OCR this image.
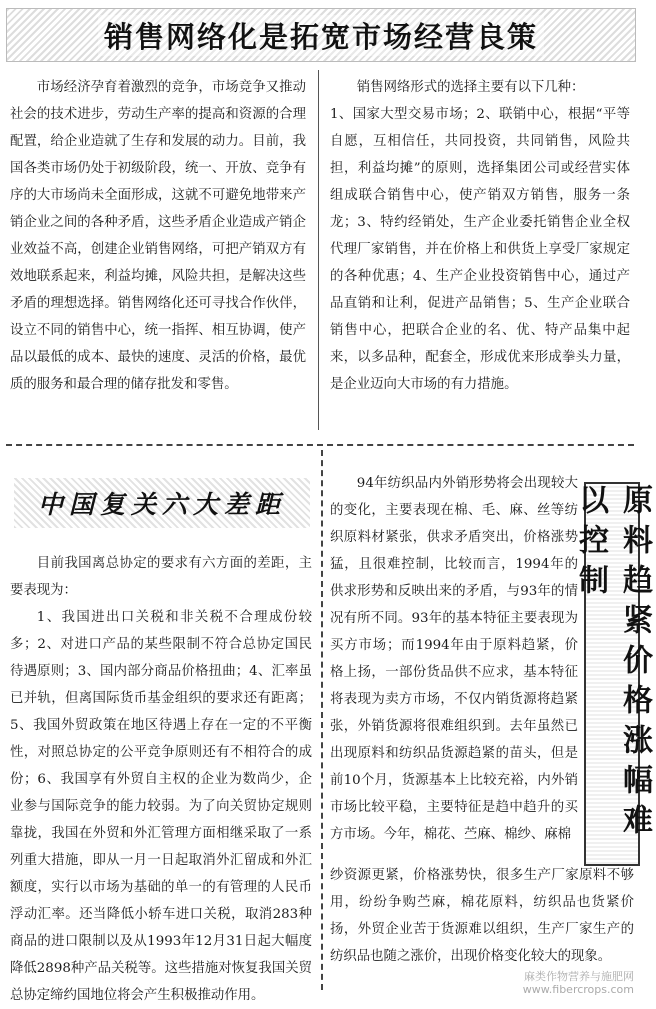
销售网络化是拓宽市场经营良策

市场经济孕育着激烈的竞争，市场竞争又推动社会的技术进步，劳动生产率的提高和资源的合理配置，给企业造就了生存和发展的动力。目前，我国各类市场仍处于初级阶段，统一、开放、竞争有序的大市场尚未全面形成，这就不可避免地带来产销企业之间的各种矛盾，这些矛盾企业造成产销企业效益不高，创建企业销售网络，可把产销双方有效地联系起来，利益均摊，风险共担，是解决这些矛盾的理想选择。销售网络化还可寻找合作伙伴，设立不同的销售中心，统一指挥、相互协调，使产品以最低的成本、最快的速度、灵活的价格，最优质的服务和最合理的储存批发和零售。

销售网络形式的选择主要有以下几种：

1、国家大型交易市场；2、联销中心，根据“平等自愿，互相信任，共同投资，共同销售，风险共担，利益均摊”的原则，选择集团公司或经营实体组成联合销售中心，使产销双方销售，服务一条龙；3、特约经销处，生产企业委托销售企业全权代理厂家销售，并在价格上和供货上享受厂家规定的各种优惠；4、生产企业投资销售中心，通过产品直销和让利，促进产品销售；5、生产企业联合销售中心，把联合企业的名、优、特产品集中起来，以多品种，配套全，形成优来形成拳头力量，是企业迈向大市场的有力措施。

中国复关六大差距

目前我国离总协定的要求有六方面的差距，主要表现为：

1、我国进出口关税和非关税不合理成份较多；2、对进口产品的某些限制不符合总协定国民待遇原则；3、国内部分商品价格扭曲；4、汇率虽已并轨，但离国际货币基金组织的要求还有距离；5、我国外贸政策在地区待遇上存在一定的不平衡性，对照总协定的公平竞争原则还有不相符合的成份；6、我国享有外贸自主权的企业为数尚少，企业参与国际竞争的能力较弱。为了向关贸协定规则靠拢，我国在外贸和外汇管理方面相继采取了一系列重大措施，即从一月一日起取消外汇留成和外汇额度，实行以市场为基础的单一的有管理的人民币浮动汇率。还当降低小轿车进口关税，取消283种商品的进口限制以及从1993年12月31日起大幅度降低2898种产品关税等。这些措施对恢复我国关贸总协定缔约国地位将会产生积极推动作用。

94年纺织品内外销形势将会出现较大的变化，主要表现在棉、毛、麻、丝等纺织原料材紧张，供求矛盾突出，价格涨势猛，且很难控制，比较而言，1994年的供求形势和反映出来的矛盾，与93年的情况有所不同。93年的基本特征主要表现为买方市场；而1994年由于原料趋紧，价格上扬，一部份货品供不应求，基本特征将表现为卖方市场，不仅内销货源将趋紧张，外销货源将很难组织到。去年虽然已出现原料和纺织品货源趋紧的苗头，但是前10个月，货源基本上比较充裕，内外销市场比较平稳，主要特征是趋中趋升的买方市场。今年，棉花、苎麻、棉纱、麻棉

纱资源更紧，价格涨势快，很多生产厂家原料不够用，纷纷争购苎麻，棉花原料，纺织品也货紧价扬，外贸企业苦于货源难以组织，生产厂家生产的纺织品也随之涨价，出现价格变化较大的现象。

原料趋紧价格涨幅难以控制
麻类作物营养与施肥网
www.fibercrops.com
